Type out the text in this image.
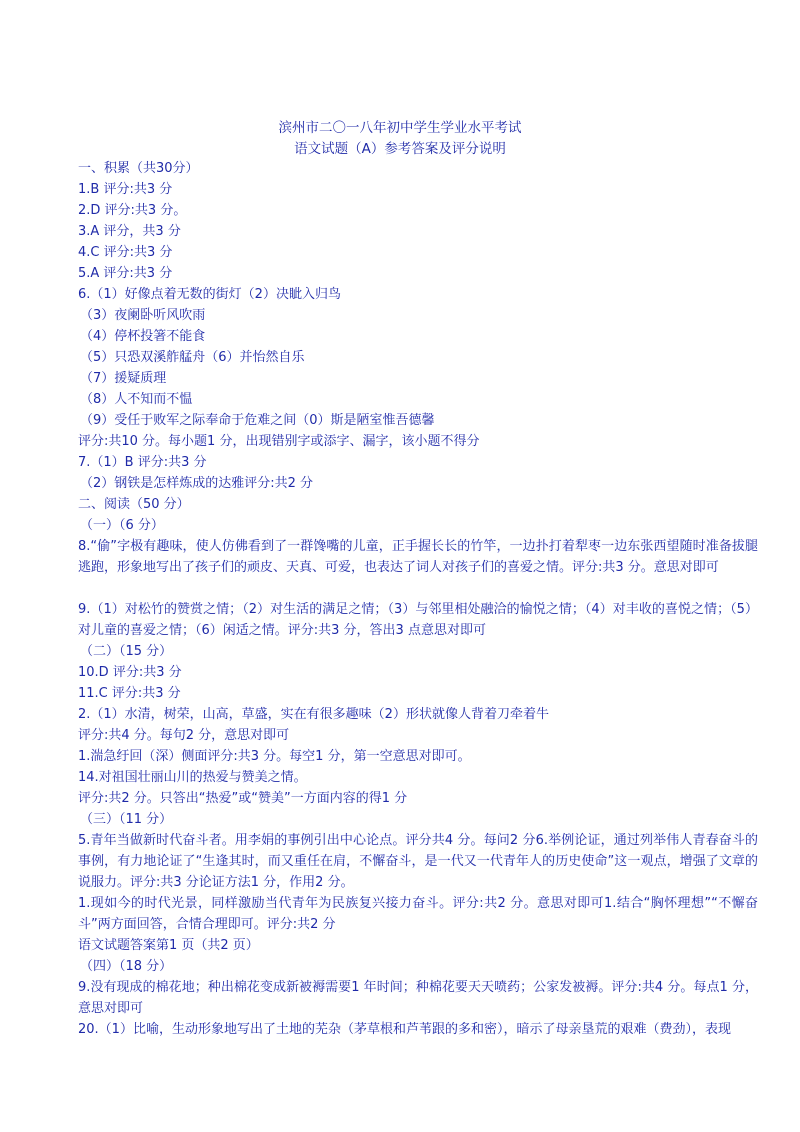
滨州市二〇一八年初中学生学业水平考试
语文试题（A）参考答案及评分说明
一、积累（共30分）
1.B 评分:共3 分
2.D 评分:共3 分。
3.A 评分，共3 分
4.C 评分:共3 分
5.A 评分:共3 分
6.（1）好像点着无数的街灯（2）决眦入归鸟
（3）夜阑卧听风吹雨
（4）停杯投箸不能食
（5）只恐双溪舴艋舟（6）并怡然自乐
（7）援疑质理
（8）人不知而不愠
（9）受任于败军之际奉命于危难之间（0）斯是陋室惟吾德馨
评分:共10 分。每小题1 分，出现错别字或添字、漏字，该小题不得分
7.（1）B 评分:共3 分
（2）钢铁是怎样炼成的达雅评分:共2 分
二、阅读（50 分）
（一）（6 分）
8.“偷”字极有趣味，使人仿佛看到了一群馋嘴的儿童，正手握长长的竹竿，一边扑打着犁枣一边东张西望随时准备拔腿逃跑，形象地写出了孩子们的顽皮、天真、可爱，也表达了词人对孩子们的喜爱之情。评分:共3 分。意思对即可
9.（1）对松竹的赞赏之情；（2）对生活的满足之情；（3）与邻里相处融洽的愉悦之情；（4）对丰收的喜悦之情；（5）对儿童的喜爱之情；（6）闲适之情。评分:共3 分，答出3 点意思对即可
（二）（15 分）
10.D 评分:共3 分
11.C 评分:共3 分
2.（1）水清，树荣，山高，草盛，实在有很多趣味（2）形状就像人背着刀牵着牛
评分:共4 分。每句2 分，意思对即可
1.湍急纡回（深）侧面评分:共3 分。每空1 分，第一空意思对即可。
14.对祖国壮丽山川的热爱与赞美之情。
评分:共2 分。只答出“热爱”或“赞美”一方面内容的得1 分
（三）（11 分）
5.青年当做新时代奋斗者。用李娟的事例引出中心论点。评分共4 分。每问2 分6.举例论证，通过列举伟人青春奋斗的事例，有力地论证了“生逢其时，而又重任在肩，不懈奋斗，是一代又一代青年人的历史使命”这一观点，增强了文章的说服力。评分:共3 分论证方法1 分，作用2 分。
1.现如今的时代光景，同样激励当代青年为民族复兴接力奋斗。评分:共2 分。意思对即可1.结合“胸怀理想”“不懈奋斗”两方面回答，合情合理即可。评分:共2 分
语文试题答案第1 页（共2 页）
（四）（18 分）
9.没有现成的棉花地；种出棉花变成新被褥需要1 年时间；种棉花要天天喷药；公家发被褥。评分:共4 分。每点1 分，意思对即可
20.（1）比喻，生动形象地写出了土地的芜杂（茅草根和芦苇跟的多和密），暗示了母亲垦荒的艰难（费劲），表现
